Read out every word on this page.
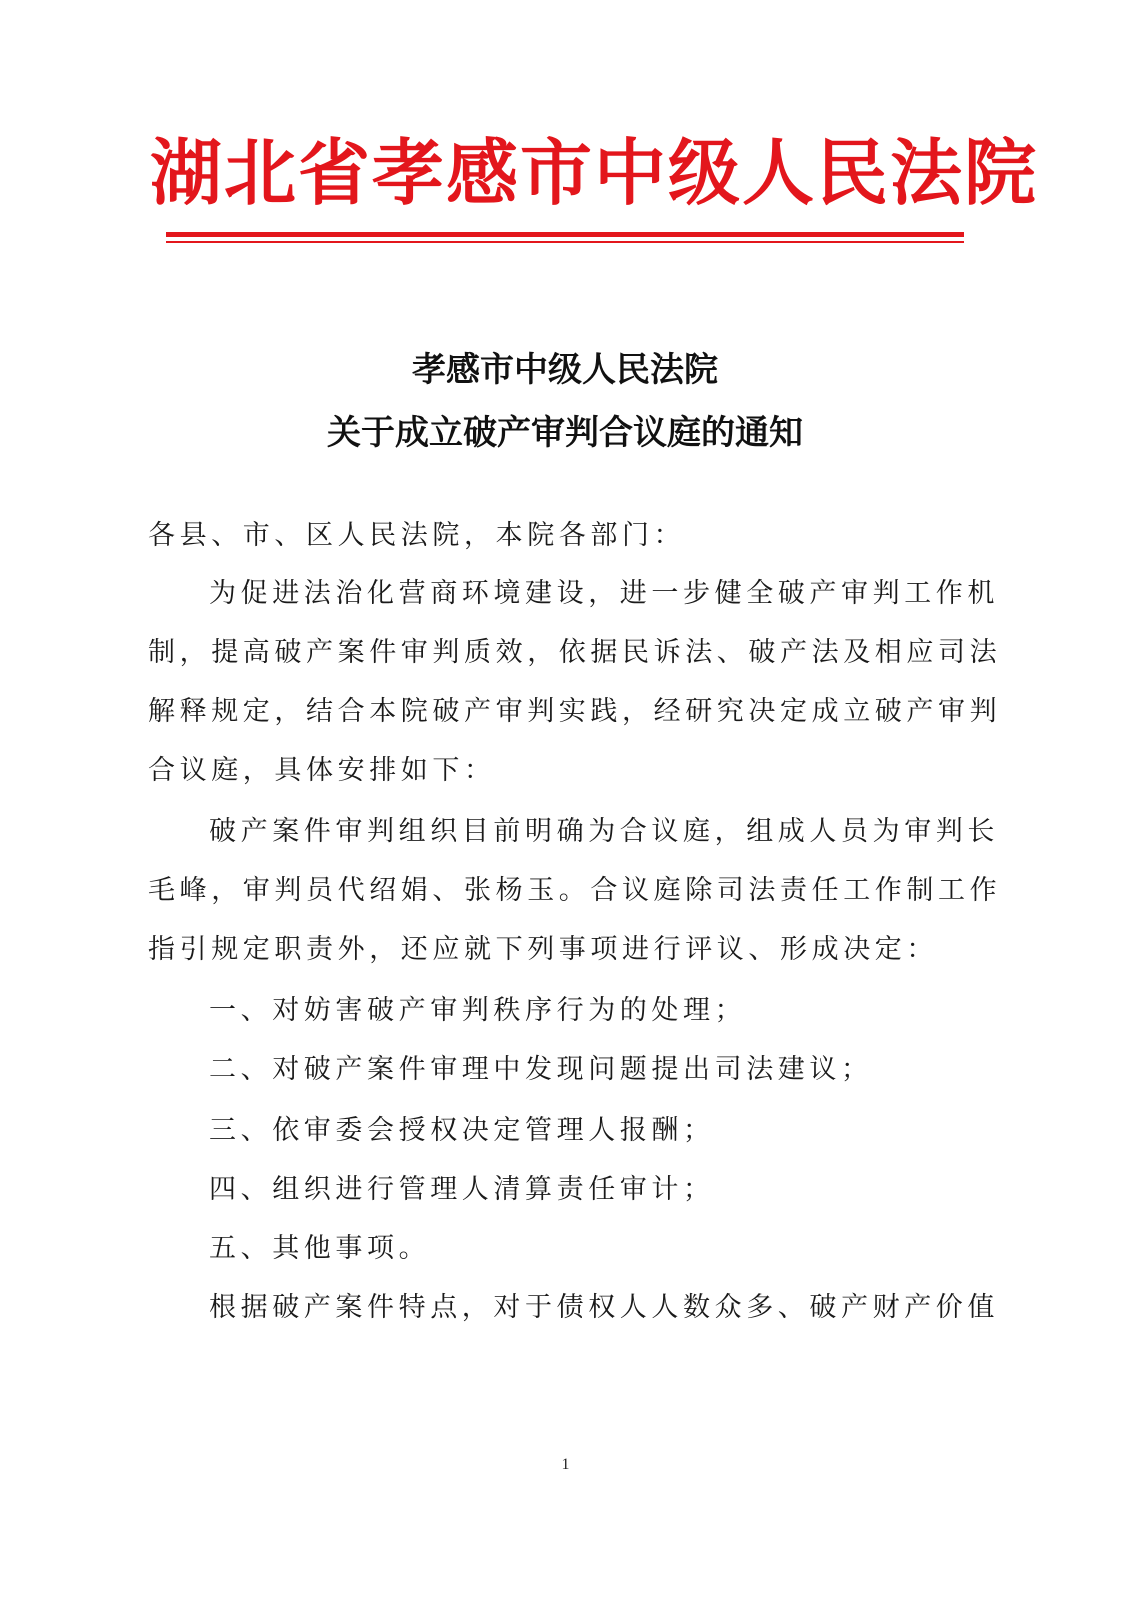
湖北省孝感市中级人民法院
孝感市中级人民法院
关于成立破产审判合议庭的通知
各县、市、区人民法院，本院各部门：
为促进法治化营商环境建设，进一步健全破产审判工作机
制，提高破产案件审判质效，依据民诉法、破产法及相应司法
解释规定，结合本院破产审判实践，经研究决定成立破产审判
合议庭，具体安排如下：
破产案件审判组织目前明确为合议庭，组成人员为审判长
毛峰，审判员代绍娟、张杨玉。合议庭除司法责任工作制工作
指引规定职责外，还应就下列事项进行评议、形成决定：
一、对妨害破产审判秩序行为的处理；
二、对破产案件审理中发现问题提出司法建议；
三、依审委会授权决定管理人报酬；
四、组织进行管理人清算责任审计；
五、其他事项。
根据破产案件特点，对于债权人人数众多、破产财产价值
1
